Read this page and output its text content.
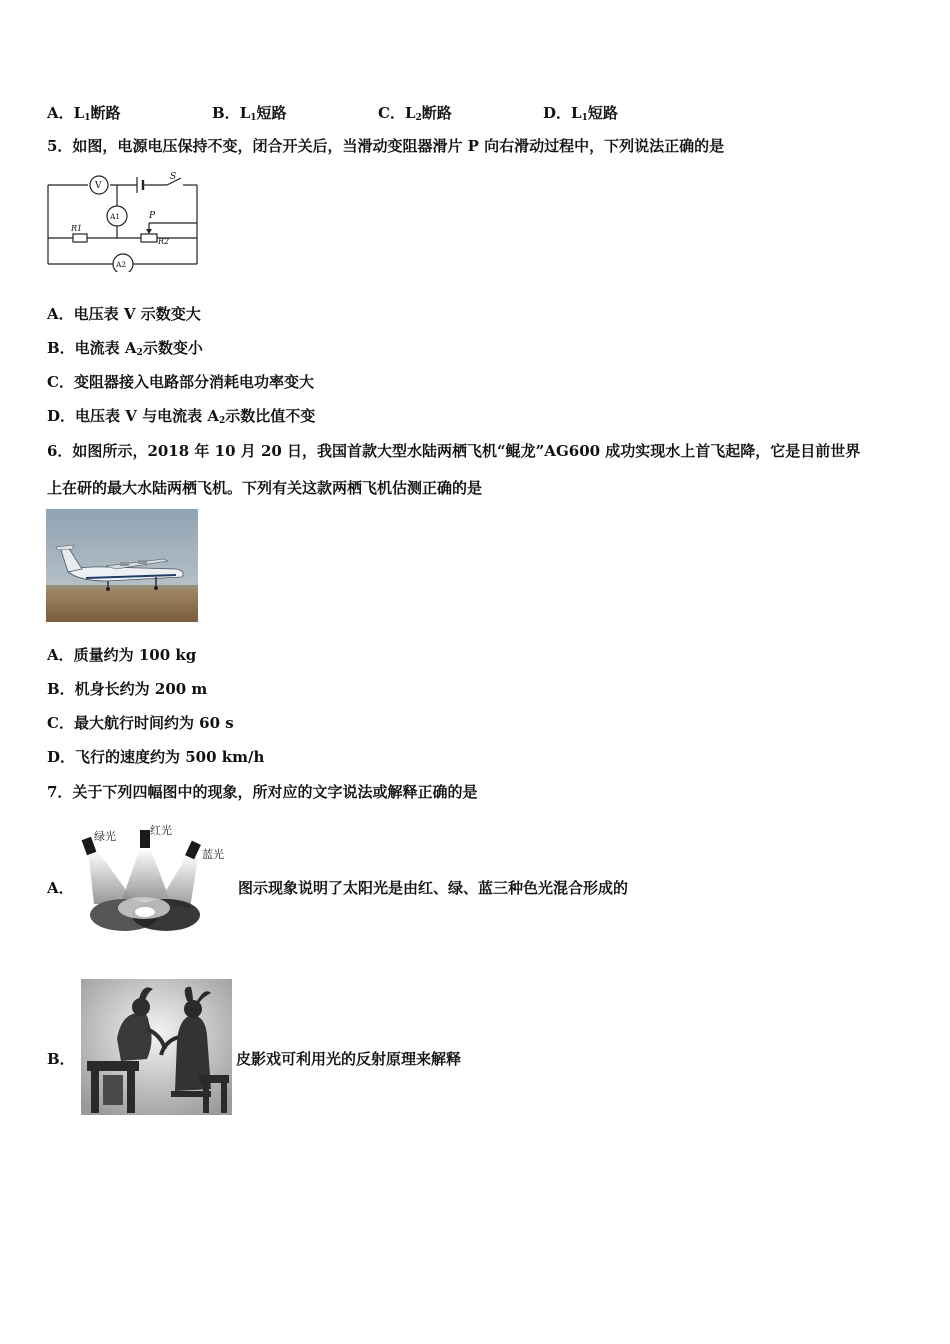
A．$L_1$断路	B．$L_1$短路	C．$L_2$断路	D．$L_1$短路
5．如图，电源电压保持不变，闭合开关后，当滑动变阻器滑片 P 向右滑动过程中，下列说法正确的是
V
S
A1	P
R1
R2
A2
A．电压表 V 示数变大
B．电流表 $A_2$示数变小
C．变阻器接入电路部分消耗电功率变大
D．电压表 V 与电流表 $A_2$示数比值不变
6．如图所示，2018 年 10 月 20 日，我国首款大型水陆两栖飞机“鲲龙”AG600 成功实现水上首飞起降，它是目前世界
上在研的最大水陆两栖飞机。下列有关这款两栖飞机估测正确的是
A．质量约为 100 kg
B．机身长约为 200 m
C．最大航行时间约为 60 s
D．飞行的速度约为 500 km/h
7．关于下列四幅图中的现象，所对应的文字说法或解释正确的是
A．
绿光	红光
蓝光
图示现象说明了太阳光是由红、绿、蓝三种色光混合形成的
B．	皮影戏可利用光的反射原理来解释
